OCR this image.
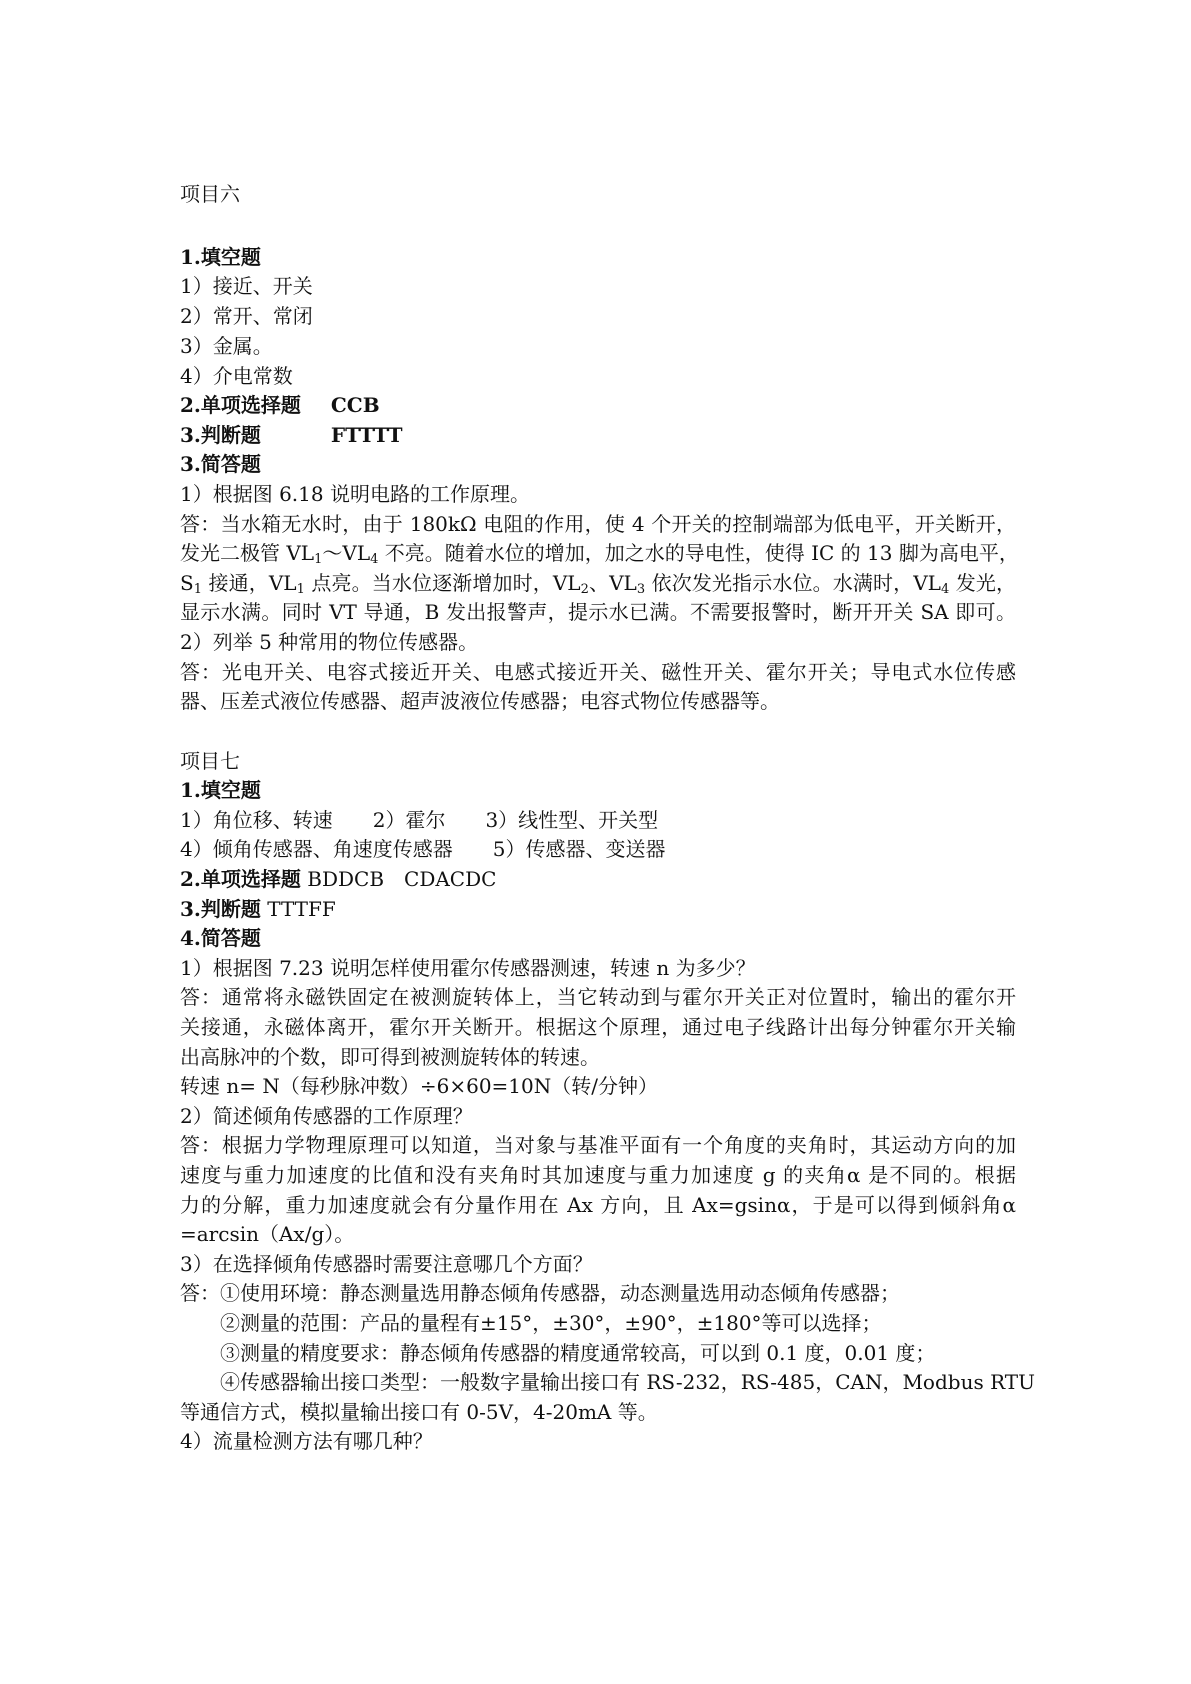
项目六
1.填空题
1）接近、开关
2）常开、常闭
3）金属。
4）介电常数
2.单项选择题 CCB
3.判断题	FTTTT
3.简答题
1）根据图 6.18 说明电路的工作原理。
答：当水箱无水时，由于 180kΩ 电阻的作用，使 4 个开关的控制端部为低电平，开关断开，
发光二极管 $VL_1\sim VL_4$ 不亮。随着水位的增加，加之水的导电性，使得 IC 的 13 脚为高电平，
$S_1$ 接通，$VL_1$ 点亮。当水位逐渐增加时，$VL_2$、$VL_3$ 依次发光指示水位。水满时，$VL_4$ 发光，
显示水满。同时 VT 导通，B 发出报警声，提示水已满。不需要报警时，断开开关 SA 即可。
2）列举 5 种常用的物位传感器。
答：光电开关、电容式接近开关、电感式接近开关、磁性开关、霍尔开关；导电式水位传感
器、压差式液位传感器、超声波液位传感器；电容式物位传感器等。
项目七
1.填空题
1）角位移、转速　　2）霍尔　　3）线性型、开关型
4）倾角传感器、角速度传感器　　5）传感器、变送器
2.单项选择题 BDDCB　CDACDC
3.判断题 TTTFF
4.简答题
1）根据图 7.23 说明怎样使用霍尔传感器测速，转速 n 为多少？
答：通常将永磁铁固定在被测旋转体上，当它转动到与霍尔开关正对位置时，输出的霍尔开
关接通，永磁体离开，霍尔开关断开。根据这个原理，通过电子线路计出每分钟霍尔开关输
出高脉冲的个数，即可得到被测旋转体的转速。
转速 n= N（每秒脉冲数）÷6×60=10N（转/分钟）
2）简述倾角传感器的工作原理？
答：根据力学物理原理可以知道，当对象与基准平面有一个角度的夹角时，其运动方向的加
速度与重力加速度的比值和没有夹角时其加速度与重力加速度 g 的夹角α 是不同的。根据
力的分解，重力加速度就会有分量作用在 Ax 方向，且 Ax=gsinα，于是可以得到倾斜角α
=arcsin（Ax/g）。
3）在选择倾角传感器时需要注意哪几个方面？
答：①使用环境：静态测量选用静态倾角传感器，动态测量选用动态倾角传感器；
②测量的范围：产品的量程有±15°，±30°，±90°，±180°等可以选择；
③测量的精度要求：静态倾角传感器的精度通常较高，可以到 0.1 度，0.01 度；
④传感器输出接口类型：一般数字量输出接口有 RS-232，RS-485，CAN，Modbus RTU
等通信方式，模拟量输出接口有 0-5V，4-20mA 等。
4）流量检测方法有哪几种？
